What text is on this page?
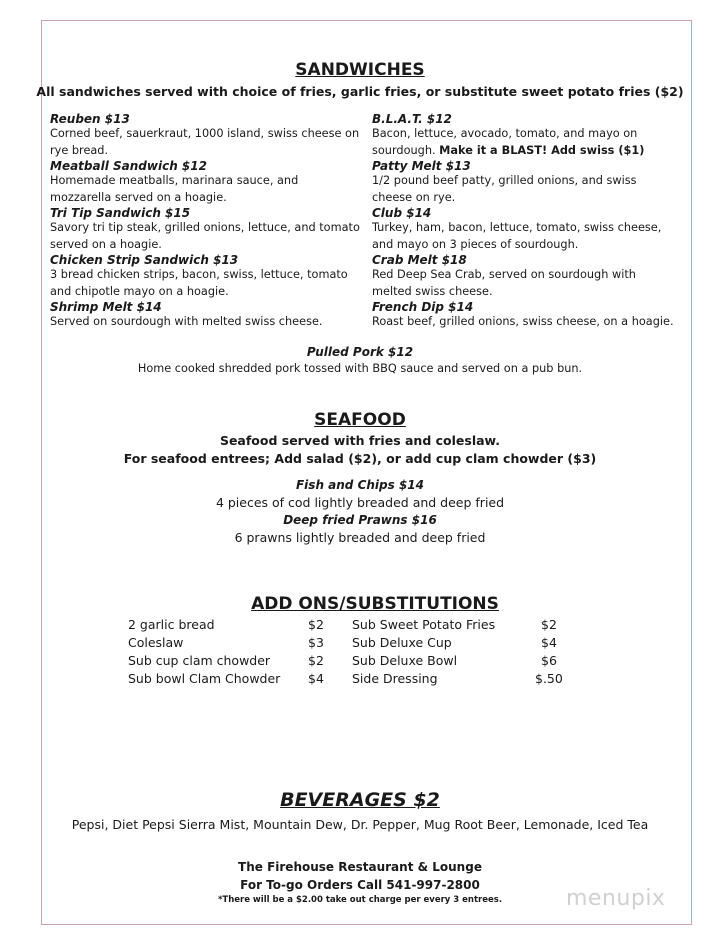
SANDWICHES
All sandwiches served with choice of fries, garlic fries, or substitute sweet potato fries ($2)
Reuben $13
Corned beef, sauerkraut, 1000 island, swiss cheese on rye bread.
Meatball Sandwich $12
Homemade meatballs, marinara sauce, and mozzarella served on a hoagie.
Tri Tip Sandwich $15
Savory tri tip steak, grilled onions, lettuce, and tomato served on a hoagie.
Chicken Strip Sandwich $13
3 bread chicken strips, bacon, swiss, lettuce, tomato and chipotle mayo on a hoagie.
Shrimp Melt $14
Served on sourdough with melted swiss cheese.
B.L.A.T. $12
Bacon, lettuce, avocado, tomato, and mayo on sourdough. Make it a BLAST! Add swiss ($1)
Patty Melt $13
1/2 pound beef patty, grilled onions, and swiss cheese on rye.
Club $14
Turkey, ham, bacon, lettuce, tomato, swiss cheese, and mayo on 3 pieces of sourdough.
Crab Melt $18
Red Deep Sea Crab, served on sourdough with melted swiss cheese.
French Dip $14
Roast beef, grilled onions, swiss cheese, on a hoagie.
Pulled Pork $12
Home cooked shredded pork tossed with BBQ sauce and served on a pub bun.
SEAFOOD
Seafood served with fries and coleslaw.
For seafood entrees; Add salad ($2), or add cup clam chowder ($3)
Fish and Chips $14
4 pieces of cod lightly breaded and deep fried
Deep fried Prawns $16
6 prawns lightly breaded and deep fried
ADD ONS/SUBSTITUTIONS
2 garlic bread	$2
Coleslaw	$3
Sub cup clam chowder	$2
Sub bowl Clam Chowder $4
Sub Sweet Potato Fries	$2
Sub Deluxe Cup	$4
Sub Deluxe Bowl	$6
Side Dressing	$.50
BEVERAGES $2
Pepsi, Diet Pepsi Sierra Mist, Mountain Dew, Dr. Pepper, Mug Root Beer, Lemonade, Iced Tea
The Firehouse Restaurant & Lounge
For To-go Orders Call 541-997-2800
*There will be a $2.00 take out charge per every 3 entrees.	menupix
